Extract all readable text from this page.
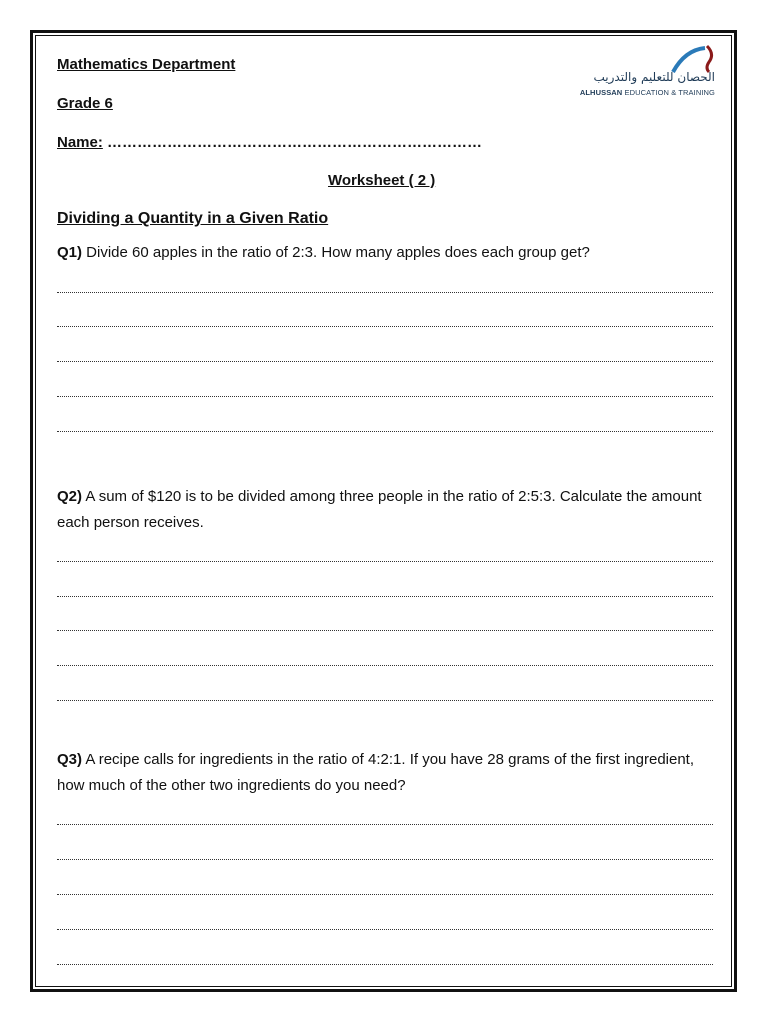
Mathematics Department
Grade 6
Name: …………………………………………………………………
Worksheet ( 2 )
Dividing a Quantity in a Given Ratio
الحصان للتعليم والتدريب
ALHUSSAN EDUCATION & TRAINING
Q1) Divide 60 apples in the ratio of 2:3. How many apples does each group get?
Q2) A sum of $120 is to be divided among three people in the ratio of 2:5:3. Calculate the amount each person receives.
Q3) A recipe calls for ingredients in the ratio of 4:2:1. If you have 28 grams of the first ingredient, how much of the other two ingredients do you need?
